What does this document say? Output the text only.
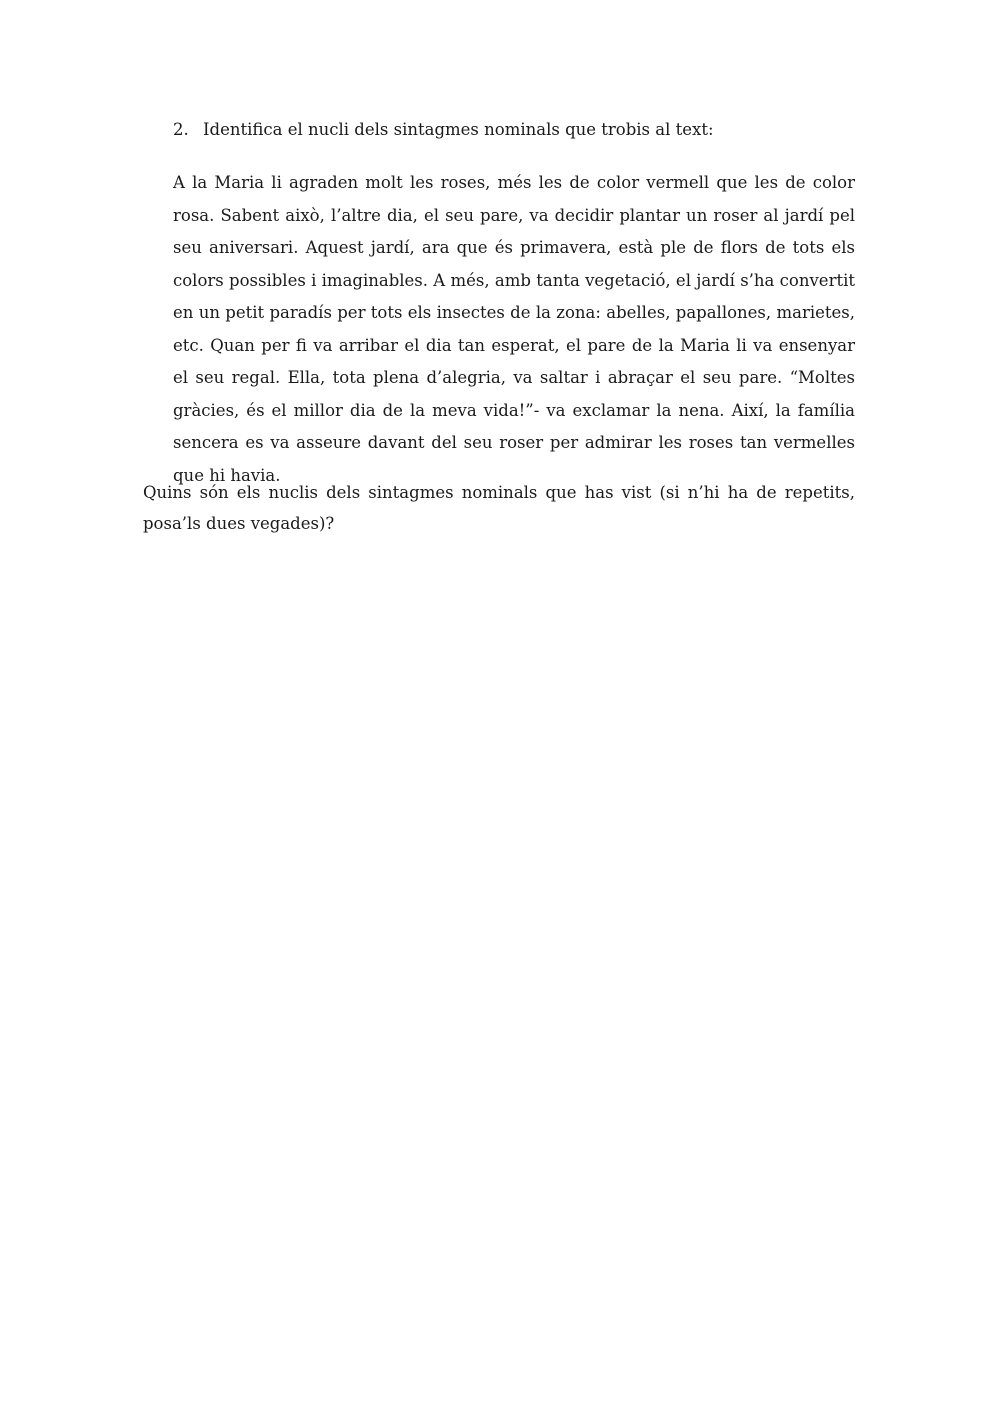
2. Identifica el nucli dels sintagmes nominals que trobis al text:

A la Maria li agraden molt les roses, més les de color vermell que les de color rosa. Sabent això, l’altre dia, el seu pare, va decidir plantar un roser al jardí pel seu aniversari. Aquest jardí, ara que és primavera, està ple de flors de tots els colors possibles i imaginables. A més, amb tanta vegetació, el jardí s’ha convertit en un petit paradís per tots els insectes de la zona: abelles, papallones, marietes, etc. Quan per fi va arribar el dia tan esperat, el pare de la Maria li va ensenyar el seu regal. Ella, tota plena d’alegria, va saltar i abraçar el seu pare. “Moltes gràcies, és el millor dia de la meva vida!”- va exclamar la nena. Així, la família sencera es va asseure davant del seu roser per admirar les roses tan vermelles que hi havia.

Quins són els nuclis dels sintagmes nominals que has vist (si n’hi ha de repetits, posa’ls dues vegades)?
